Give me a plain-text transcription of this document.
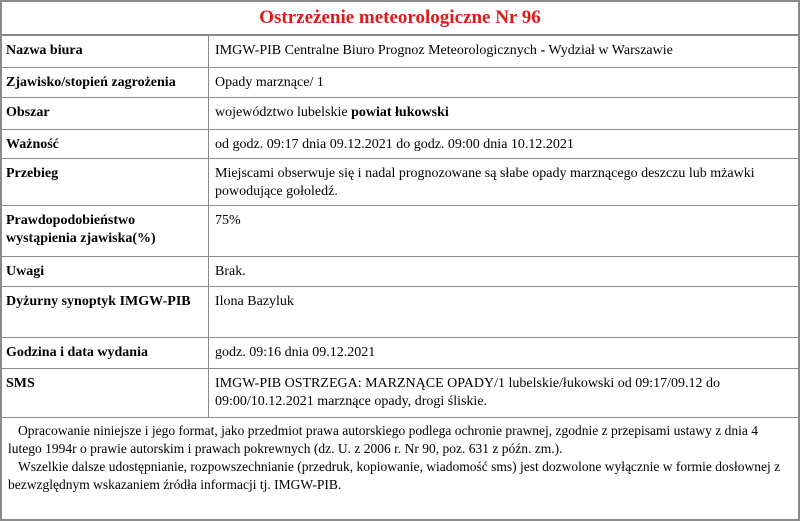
Ostrzeżenie meteorologiczne Nr 96
Nazwa biura	IMGW-PIB Centralne Biuro Prognoz Meteorologicznych - Wydział w Warszawie
Zjawisko/stopień zagrożenia	Opady marznące/ 1
Obszar	województwo lubelskie powiat łukowski
Ważność	od godz. 09:17 dnia 09.12.2021 do godz. 09:00 dnia 10.12.2021
Przebieg	Miejscami obserwuje się i nadal prognozowane są słabe opady marznącego deszczu lub mżawki powodujące gołoledź.
Prawdopodobieństwo wystąpienia zjawiska(%)	75%
Uwagi	Brak.
Dyżurny synoptyk IMGW-PIB	Ilona Bazyluk
Godzina i data wydania	godz. 09:16 dnia 09.12.2021
SMS	IMGW-PIB OSTRZEGA: MARZNĄCE OPADY/1 lubelskie/łukowski od 09:17/09.12 do 09:00/10.12.2021 marznące opady, drogi śliskie.

Opracowanie niniejsze i jego format, jako przedmiot prawa autorskiego podlega ochronie prawnej, zgodnie z przepisami ustawy z dnia 4 lutego 1994r o prawie autorskim i prawach pokrewnych (dz. U. z 2006 r. Nr 90, poz. 631 z późn. zm.).

Wszelkie dalsze udostępnianie, rozpowszechnianie (przedruk, kopiowanie, wiadomość sms) jest dozwolone wyłącznie w formie dosłownej z bezwzględnym wskazaniem źródła informacji tj. IMGW-PIB.
